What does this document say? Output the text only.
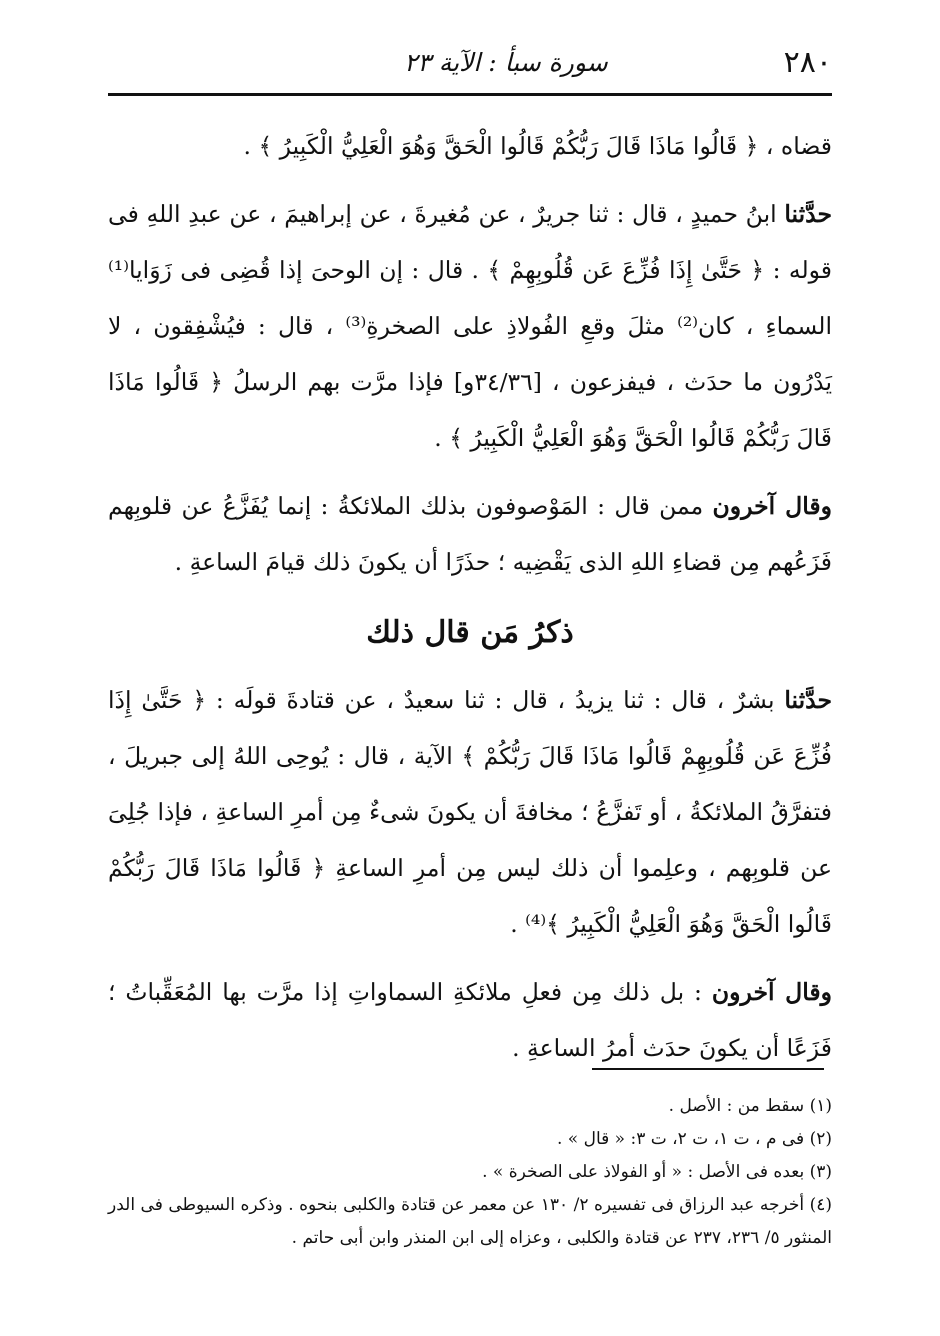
٢٨٠
سورة سبأ : الآية ٢٣

قضاه ، ﴿ قَالُوا مَاذَا قَالَ رَبُّكُمْ قَالُوا الْحَقَّ وَهُوَ الْعَلِيُّ الْكَبِيرُ ﴾ .

حدَّثنا ابنُ حميدٍ ، قال : ثنا جريرٌ ، عن مُغيرةَ ، عن إبراهيمَ ، عن عبدِ اللهِ فى قوله : ﴿ حَتَّىٰ إِذَا فُزِّعَ عَن قُلُوبِهِمْ ﴾ . قال : إن الوحىَ إذا قُضِى فى زَوَايا⁽¹⁾ السماءِ ، كان⁽²⁾ مثلَ وقعِ الفُولاذِ على الصخرةِ⁽³⁾ ، قال : فيُشْفِقون ، لا يَدْرُون ما حدَث ، فيفزعون ، [٣٤/٣٦و] فإذا مرَّت بهم الرسلُ ﴿ قَالُوا مَاذَا قَالَ رَبُّكُمْ قَالُوا الْحَقَّ وَهُوَ الْعَلِيُّ الْكَبِيرُ ﴾ .

وقال آخرون ممن قال : المَوْصوفون بذلك الملائكةُ : إنما يُفَزَّعُ عن قلوبِهم فَزَعُهم مِن قضاءِ اللهِ الذى يَقْضِيه ؛ حذَرًا أن يكونَ ذلك قيامَ الساعةِ .

ذكرُ مَن قال ذلك

حدَّثنا بشرٌ ، قال : ثنا يزيدُ ، قال : ثنا سعيدٌ ، عن قتادةَ قولَه : ﴿ حَتَّىٰ إِذَا فُزِّعَ عَن قُلُوبِهِمْ قَالُوا مَاذَا قَالَ رَبُّكُمْ ﴾ الآية ، قال : يُوحِى اللهُ إلى جبريلَ ، فتفرَّقُ الملائكةُ ، أو تَفزَّعُ ؛ مخافةَ أن يكونَ شىءٌ مِن أمرِ الساعةِ ، فإذا جُلِىَ عن قلوبِهم ، وعلِموا أن ذلك ليس مِن أمرِ الساعةِ ﴿ قَالُوا مَاذَا قَالَ رَبُّكُمْ قَالُوا الْحَقَّ وَهُوَ الْعَلِيُّ الْكَبِيرُ ﴾⁽⁴⁾ .

وقال آخرون : بل ذلك مِن فعلِ ملائكةِ السماواتِ إذا مرَّت بها المُعَقِّباتُ ؛ فَزَعًا أن يكونَ حدَث أمرُ الساعةِ .

(١) سقط من : الأصل .

(٢) فى م ، ت ١، ت ٢، ت ٣: « قال » .

(٣) بعده فى الأصل : « أو الفولاذ على الصخرة » .

(٤) أخرجه عبد الرزاق فى تفسيره ٢/ ١٣٠ عن معمر عن قتادة والكلبى بنحوه . وذكره السيوطى فى الدر المنثور ٥/ ٢٣٦، ٢٣٧ عن قتادة والكلبى ، وعزاه إلى ابن المنذر وابن أبى حاتم .
